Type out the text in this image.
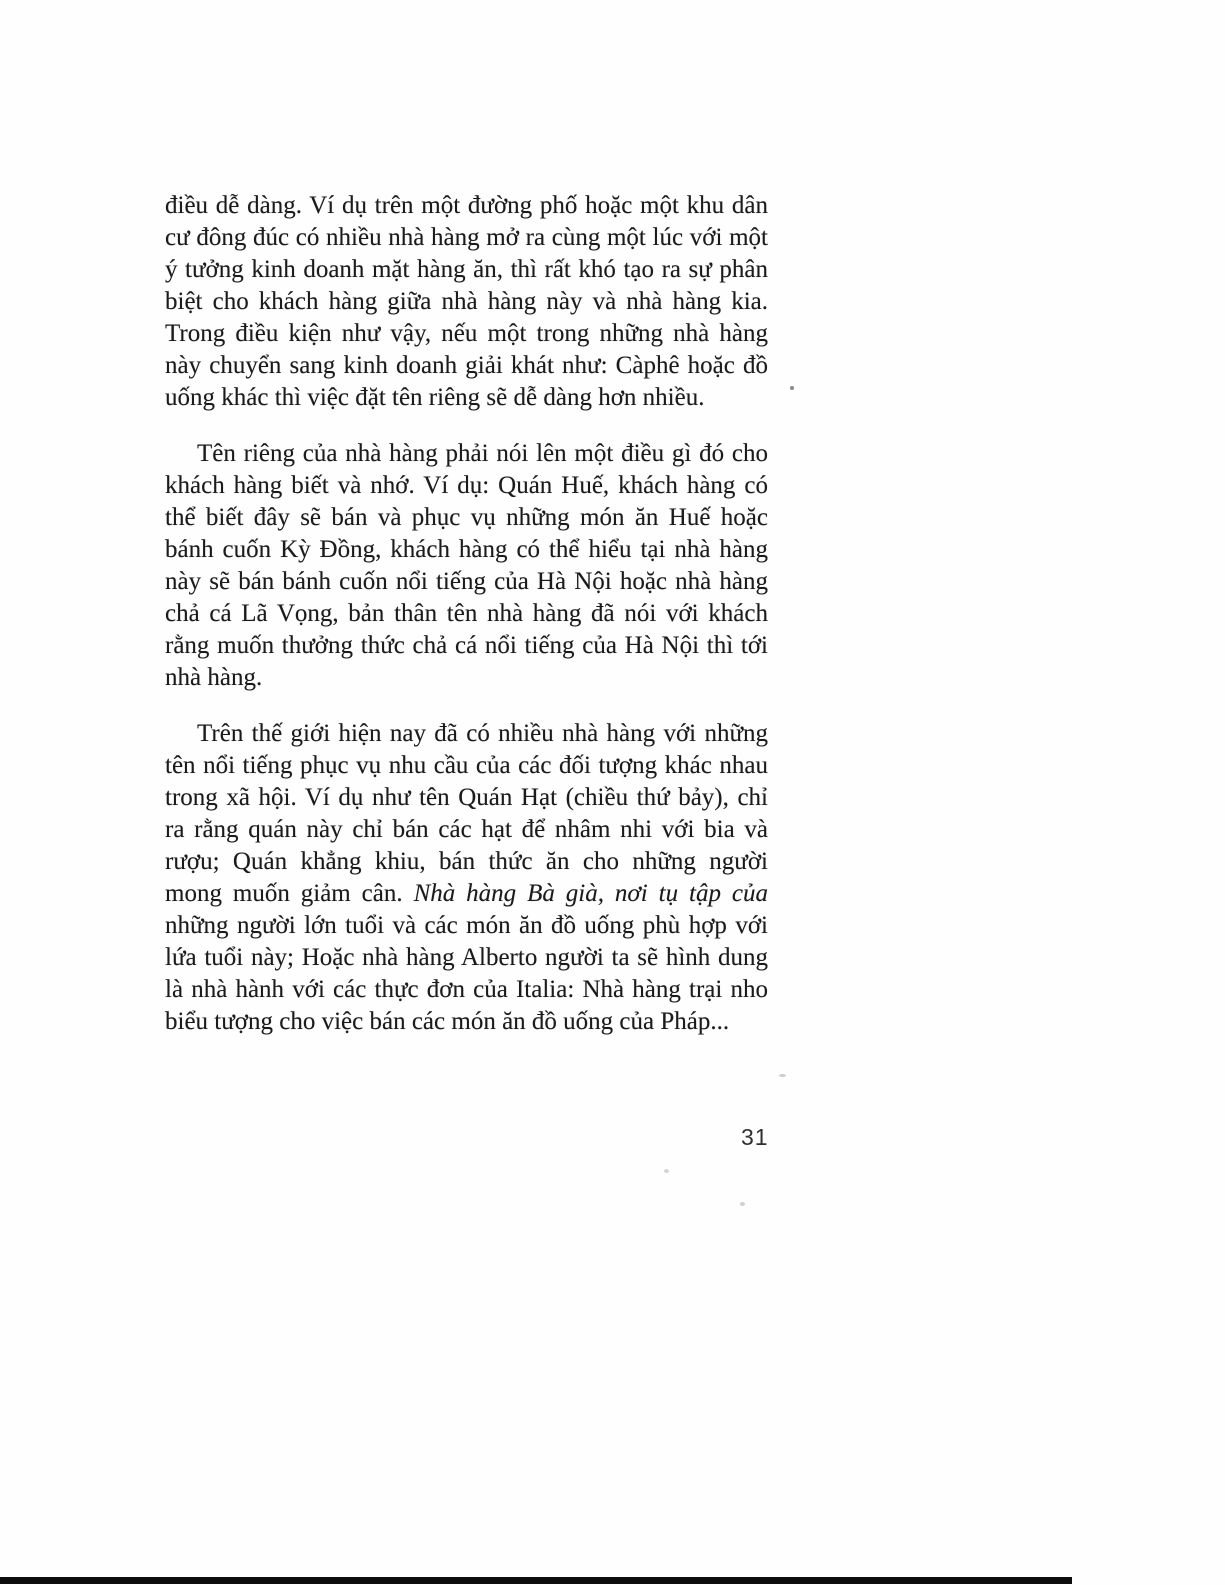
điều dễ dàng. Ví dụ trên một đường phố hoặc một khu dân
cư đông đúc có nhiều nhà hàng mở ra cùng một lúc với một
ý tưởng kinh doanh mặt hàng ăn, thì rất khó tạo ra sự phân
biệt cho khách hàng giữa nhà hàng này và nhà hàng kia.
Trong điều kiện như vậy, nếu một trong những nhà hàng
này chuyển sang kinh doanh giải khát như: Càphê hoặc đồ
uống khác thì việc đặt tên riêng sẽ dễ dàng hơn nhiều.
Tên riêng của nhà hàng phải nói lên một điều gì đó cho
khách hàng biết và nhớ. Ví dụ: Quán Huế, khách hàng có
thể biết đây sẽ bán và phục vụ những món ăn Huế hoặc
bánh cuốn Kỳ Đồng, khách hàng có thể hiểu tại nhà hàng
này sẽ bán bánh cuốn nổi tiếng của Hà Nội hoặc nhà hàng
chả cá Lã Vọng, bản thân tên nhà hàng đã nói với khách
rằng muốn thưởng thức chả cá nổi tiếng của Hà Nội thì tới
nhà hàng.
Trên thế giới hiện nay đã có nhiều nhà hàng với những
tên nổi tiếng phục vụ nhu cầu của các đối tượng khác nhau
trong xã hội. Ví dụ như tên Quán Hạt (chiều thứ bảy), chỉ
ra rằng quán này chỉ bán các hạt để nhâm nhi với bia và
rượu; Quán khẳng khiu, bán thức ăn cho những người
mong muốn giảm cân. Nhà hàng Bà già, nơi tụ tập của
những người lớn tuổi và các món ăn đồ uống phù hợp với
lứa tuổi này; Hoặc nhà hàng Alberto người ta sẽ hình dung
là nhà hành với các thực đơn của Italia: Nhà hàng trại nho
biểu tượng cho việc bán các món ăn đồ uống của Pháp...
31
